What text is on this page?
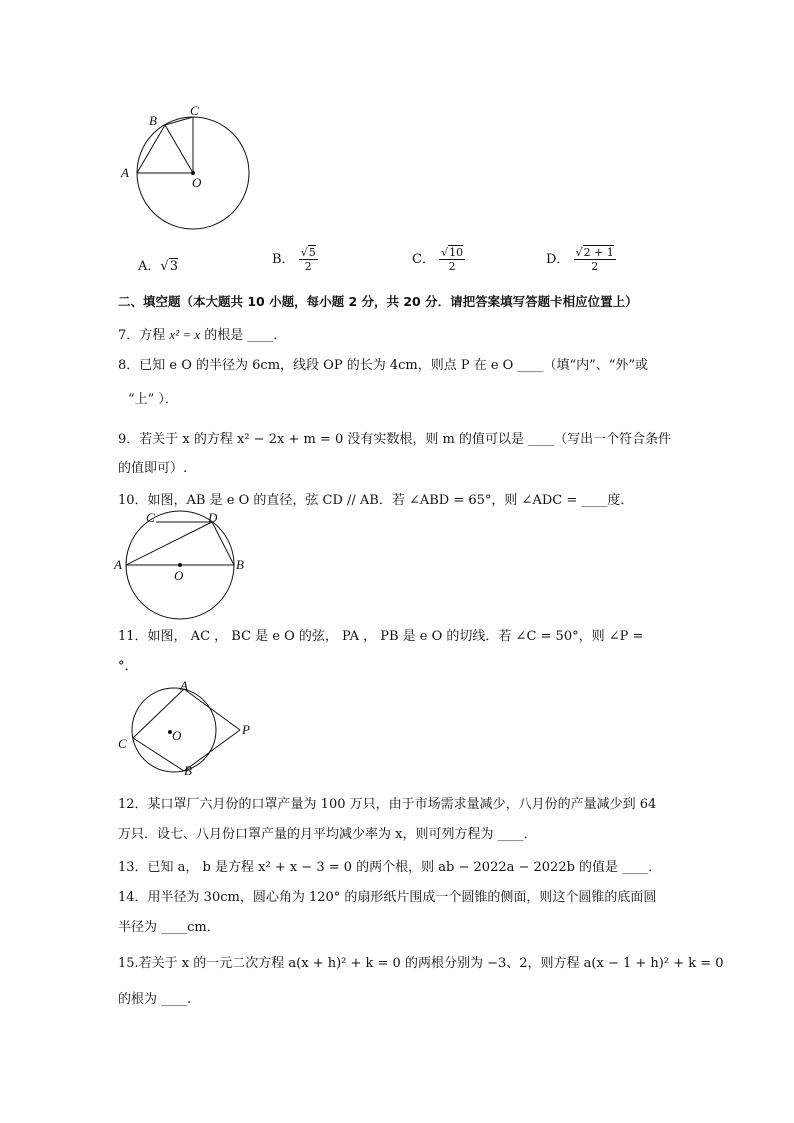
A
B
C
O
A．√3	B． $\frac{√5}{2}$	C． $\frac{√10}{2}$	D． $\frac{√2 + 1}{2}$
二、填空题（本大题共 10 小题，每小题 2 分，共 20 分．请把答案填写答题卡相应位置上）
7．方程 x² = x 的根是 ____．
8．已知 e O 的半径为 6cm，线段 OP 的长为 4cm，则点 P 在 e O ____（填“内”、“外”或
“上” ）．
9．若关于 x 的方程 x² − 2x + m = 0 没有实数根，则 m 的值可以是 ____（写出一个符合条件
的值即可）.
10．如图，AB 是 e O 的直径，弦 CD // AB．若 ∠ABD = 65°，则 ∠ADC = ____度．
A	B
C	D
O
11．如图， AC ， BC 是 e O 的弦， PA ， PB 是 e O 的切线．若 ∠C = 50°，则 ∠P =
°．
A
B
C
O	P
12．某口罩厂六月份的口罩产量为 100 万只，由于市场需求量减少，八月份的产量减少到 64
万只．设七、八月份口罩产量的月平均减少率为 x，则可列方程为 ____．
13．已知 a， b 是方程 x² + x − 3 = 0 的两个根，则 ab − 2022a − 2022b 的值是 ____．
14．用半径为 30cm，圆心角为 120° 的扇形纸片围成一个圆锥的侧面，则这个圆锥的底面圆
半径为 ____cm．
15.若关于 x 的一元二次方程 a(x + h)² + k = 0 的两根分别为 −3、2，则方程 a(x − 1 + h)² + k = 0
的根为 ____.
